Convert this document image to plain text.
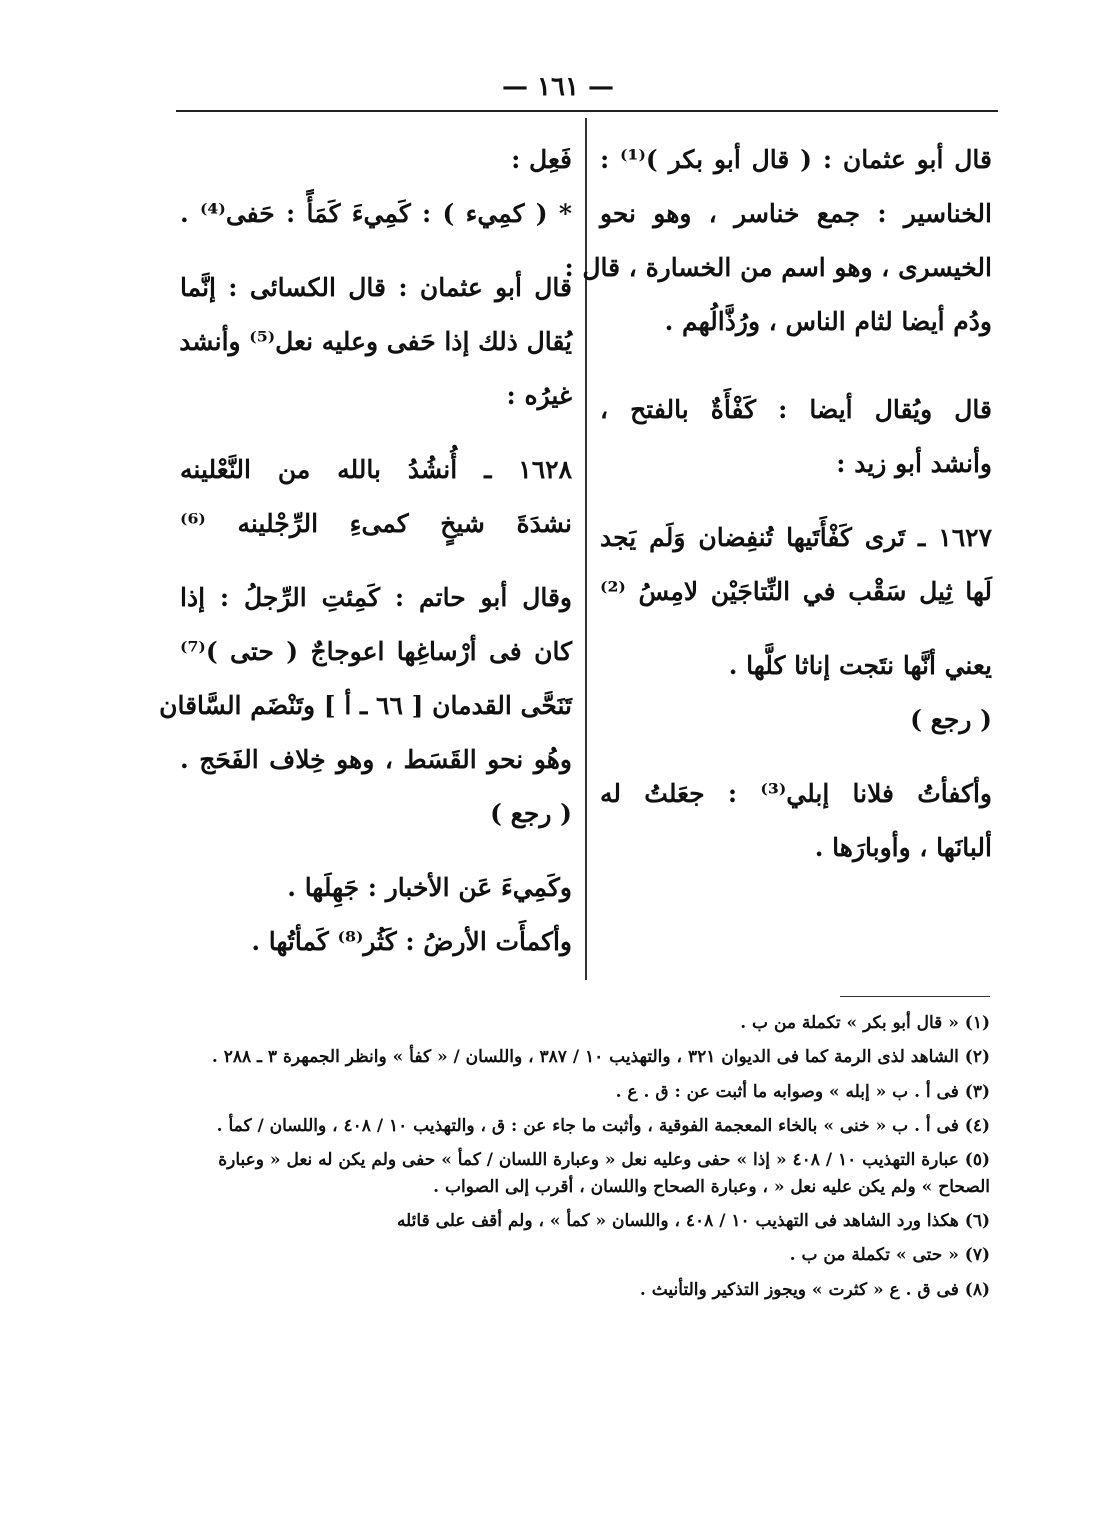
— ١٦١ —
قال أبو عثمان : ( قال أبو بكر )⁽¹⁾ :
الخناسير : جمع خناسر ، وهو نحو
الخيسرى ، وهو اسم من الخسارة ، قال :
ودُم أيضا لثام الناس ، ورُذَّالُهم .
قال ويُقال أيضا : كَفْأَةٌ بالفتح ،
وأنشد أبو زيد :
١٦٢٧ ـ تَرى كَفْأَتَيها تُنفِضان وَلَم يَجد
لَها ثِيل سَقْب في النِّتاجَيْن لامِسُ ⁽²⁾
يعني أنَّها نتَجت إناثا كلَّها .
( رجع )
وأكفأتُ فلانا إبلي⁽³⁾ : جعَلتُ له
ألبانَها ، وأوبارَها .
فَعِل :
* ( كمِيء ) : كَمِيءَ كَمَأً : حَفى⁽⁴⁾ .
قال أبو عثمان : قال الكسائى : إنَّما
يُقال ذلك إذا حَفى وعليه نعل⁽⁵⁾ وأنشد
غيرُه :
١٦٢٨ ـ أُنشُدُ بالله من النَّعْلينه
نشدَةَ شيخٍ كمىءِ الرِّجْلينه ⁽⁶⁾
وقال أبو حاتم : كَمِئتِ الرِّجلُ : إذا
كان فى أرْساغِها اعوجاجٌ ( حتى )⁽⁷⁾
تَنَحَّى القدمان [ ٦٦ ـ أ ] وتَنْضَم السَّاقان
وهُو نحو القَسَط ، وهو خِلاف الفَحَج .
( رجع )
وكَمِيءَ عَن الأخبار : جَهِلَها .
وأكمأَت الأرضُ : كَثُر⁽⁸⁾ كَمأتُها .
(١) « قال أبو بكر » تكملة من ب .
(٢) الشاهد لذى الرمة كما فى الديوان ٣٢١ ، والتهذيب ١٠ / ٣٨٧ ، واللسان / « كفأ » وانظر الجمهرة ٣ ـ ٢٨٨ .
(٣) فى أ . ب « إبله » وصوابه ما أثبت عن : ق . ع .
(٤) فى أ . ب « خنى » بالخاء المعجمة الفوقية ، وأثبت ما جاء عن : ق ، والتهذيب ١٠ / ٤٠٨ ، واللسان / كمأ .
(٥) عبارة التهذيب ١٠ / ٤٠٨ « إذا » حفى وعليه نعل « وعبارة اللسان / كمأ » حفى ولم يكن له نعل « وعبارة الصحاح » ولم يكن عليه نعل « ، وعبارة الصحاح واللسان ، أقرب إلى الصواب .
(٦) هكذا ورد الشاهد فى التهذيب ١٠ / ٤٠٨ ، واللسان « كمأ » ، ولم أقف على قائله
(٧) « حتى » تكملة من ب .
(٨) فى ق . ع « كثرت » ويجوز التذكير والتأنيث .
